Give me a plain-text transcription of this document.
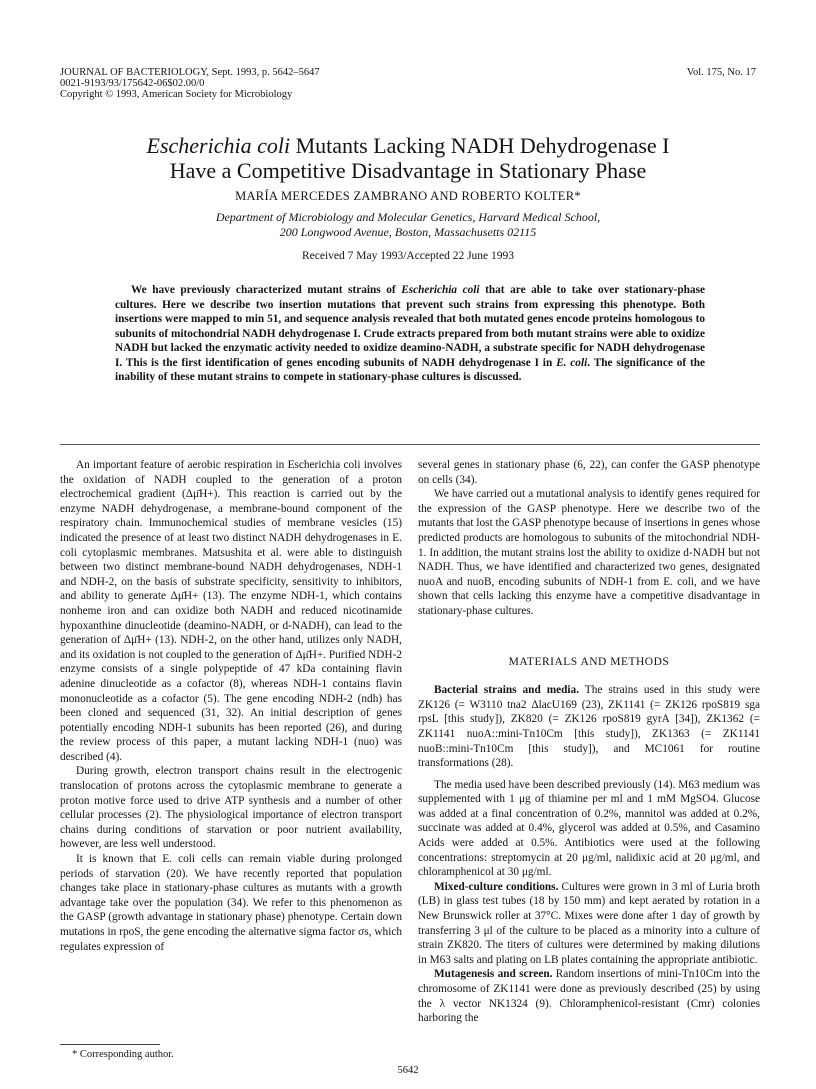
JOURNAL OF BACTERIOLOGY, Sept. 1993, p. 5642–5647
0021-9193/93/175642-06$02.00/0
Copyright © 1993, American Society for Microbiology
Vol. 175, No. 17
Escherichia coli Mutants Lacking NADH Dehydrogenase I
Have a Competitive Disadvantage in Stationary Phase
MARÍA MERCEDES ZAMBRANO AND ROBERTO KOLTER*
Department of Microbiology and Molecular Genetics, Harvard Medical School,
200 Longwood Avenue, Boston, Massachusetts 02115
Received 7 May 1993/Accepted 22 June 1993

We have previously characterized mutant strains of Escherichia coli that are able to take over stationary-phase cultures. Here we describe two insertion mutations that prevent such strains from expressing this phenotype. Both insertions were mapped to min 51, and sequence analysis revealed that both mutated genes encode proteins homologous to subunits of mitochondrial NADH dehydrogenase I. Crude extracts prepared from both mutant strains were able to oxidize NADH but lacked the enzymatic activity needed to oxidize deamino-NADH, a substrate specific for NADH dehydrogenase I. This is the first identification of genes encoding subunits of NADH dehydrogenase I in E. coli. The significance of the inability of these mutant strains to compete in stationary-phase cultures is discussed.

An important feature of aerobic respiration in Escherichia coli involves the oxidation of NADH coupled to the generation of a proton electrochemical gradient (Δμ̄H+). This reaction is carried out by the enzyme NADH dehydrogenase, a membrane-bound component of the respiratory chain. Immunochemical studies of membrane vesicles (15) indicated the presence of at least two distinct NADH dehydrogenases in E. coli cytoplasmic membranes. Matsushita et al. were able to distinguish between two distinct membrane-bound NADH dehydrogenases, NDH-1 and NDH-2, on the basis of substrate specificity, sensitivity to inhibitors, and ability to generate Δμ̄H+ (13). The enzyme NDH-1, which contains nonheme iron and can oxidize both NADH and reduced nicotinamide hypoxanthine dinucleotide (deamino-NADH, or d-NADH), can lead to the generation of Δμ̄H+ (13). NDH-2, on the other hand, utilizes only NADH, and its oxidation is not coupled to the generation of Δμ̄H+. Purified NDH-2 enzyme consists of a single polypeptide of 47 kDa containing flavin adenine dinucleotide as a cofactor (8), whereas NDH-1 contains flavin mononucleotide as a cofactor (5). The gene encoding NDH-2 (ndh) has been cloned and sequenced (31, 32). An initial description of genes potentially encoding NDH-1 subunits has been reported (26), and during the review process of this paper, a mutant lacking NDH-1 (nuo) was described (4).

During growth, electron transport chains result in the electrogenic translocation of protons across the cytoplasmic membrane to generate a proton motive force used to drive ATP synthesis and a number of other cellular processes (2). The physiological importance of electron transport chains during conditions of starvation or poor nutrient availability, however, are less well understood.

It is known that E. coli cells can remain viable during prolonged periods of starvation (20). We have recently reported that population changes take place in stationary-phase cultures as mutants with a growth advantage take over the population (34). We refer to this phenomenon as the GASP (growth advantage in stationary phase) phenotype. Certain down mutations in rpoS, the gene encoding the alternative sigma factor σs, which regulates expression of

several genes in stationary phase (6, 22), can confer the GASP phenotype on cells (34).

We have carried out a mutational analysis to identify genes required for the expression of the GASP phenotype. Here we describe two of the mutants that lost the GASP phenotype because of insertions in genes whose predicted products are homologous to subunits of the mitochondrial NDH-1. In addition, the mutant strains lost the ability to oxidize d-NADH but not NADH. Thus, we have identified and characterized two genes, designated nuoA and nuoB, encoding subunits of NDH-1 from E. coli, and we have shown that cells lacking this enzyme have a competitive disadvantage in stationary-phase cultures.

MATERIALS AND METHODS

Bacterial strains and media. The strains used in this study were ZK126 (= W3110 tna2 ΔlacU169 (23), ZK1141 (= ZK126 rpoS819 sga rpsL [this study]), ZK820 (= ZK126 rpoS819 gyrA [34]), ZK1362 (= ZK1141 nuoA::mini-Tn10Cm [this study]), ZK1363 (= ZK1141 nuoB::mini-Tn10Cm [this study]), and MC1061 for routine transformations (28).

The media used have been described previously (14). M63 medium was supplemented with 1 μg of thiamine per ml and 1 mM MgSO4. Glucose was added at a final concentration of 0.2%, mannitol was added at 0.2%, succinate was added at 0.4%, glycerol was added at 0.5%, and Casamino Acids were added at 0.5%. Antibiotics were used at the following concentrations: streptomycin at 20 μg/ml, nalidixic acid at 20 μg/ml, and chloramphenicol at 30 μg/ml.

Mixed-culture conditions. Cultures were grown in 3 ml of Luria broth (LB) in glass test tubes (18 by 150 mm) and kept aerated by rotation in a New Brunswick roller at 37°C. Mixes were done after 1 day of growth by transferring 3 μl of the culture to be placed as a minority into a culture of strain ZK820. The titers of cultures were determined by making dilutions in M63 salts and plating on LB plates containing the appropriate antibiotic.

Mutagenesis and screen. Random insertions of mini-Tn10Cm into the chromosome of ZK1141 were done as previously described (25) by using the λ vector NK1324 (9). Chloramphenicol-resistant (Cmr) colonies harboring the

* Corresponding author.
5642
